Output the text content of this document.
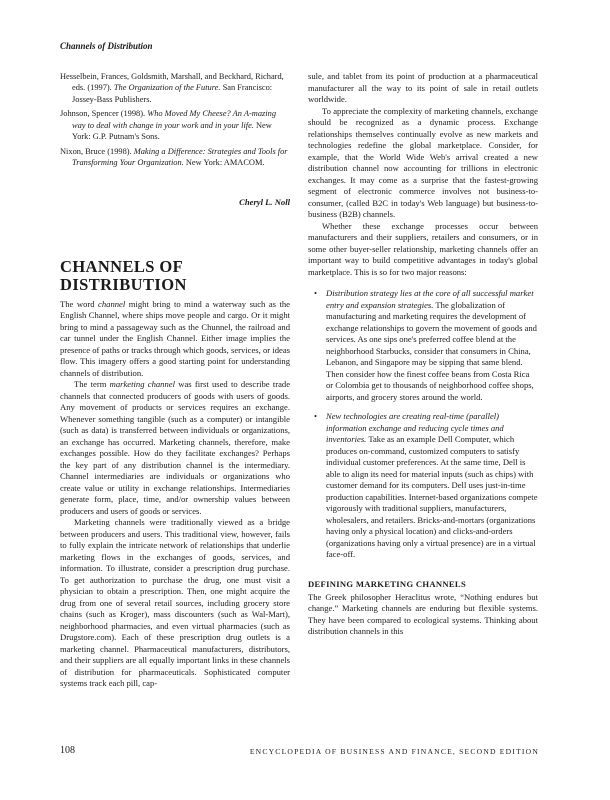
Channels of Distribution

Hesselbein, Frances, Goldsmith, Marshall, and Beckhard, Richard, eds. (1997). The Organization of the Future. San Francisco: Jossey-Bass Publishers.

Johnson, Spencer (1998). Who Moved My Cheese? An A-mazing way to deal with change in your work and in your life. New York: G.P. Putnam's Sons.

Nixon, Bruce (1998). Making a Difference: Strategies and Tools for Transforming Your Organization. New York: AMACOM.

Cheryl L. Noll

CHANNELS OF DISTRIBUTION

The word channel might bring to mind a waterway such as the English Channel, where ships move people and cargo. Or it might bring to mind a passageway such as the Chunnel, the railroad and car tunnel under the English Channel. Either image implies the presence of paths or tracks through which goods, services, or ideas flow. This imagery offers a good starting point for understanding channels of distribution.

The term marketing channel was first used to describe trade channels that connected producers of goods with users of goods. Any movement of products or services requires an exchange. Whenever something tangible (such as a computer) or intangible (such as data) is transferred between individuals or organizations, an exchange has occurred. Marketing channels, therefore, make exchanges possible. How do they facilitate exchanges? Perhaps the key part of any distribution channel is the intermediary. Channel intermediaries are individuals or organizations who create value or utility in exchange relationships. Intermediaries generate form, place, time, and/or ownership values between producers and users of goods or services.

Marketing channels were traditionally viewed as a bridge between producers and users. This traditional view, however, fails to fully explain the intricate network of relationships that underlie marketing flows in the exchanges of goods, services, and information. To illustrate, consider a prescription drug purchase. To get authorization to purchase the drug, one must visit a physician to obtain a prescription. Then, one might acquire the drug from one of several retail sources, including grocery store chains (such as Kroger), mass discounters (such as Wal-Mart), neighborhood pharmacies, and even virtual pharmacies (such as Drugstore.com). Each of these prescription drug outlets is a marketing channel. Pharmaceutical manufacturers, distributors, and their suppliers are all equally important links in these channels of distribution for pharmaceuticals. Sophisticated computer systems track each pill, cap-

sule, and tablet from its point of production at a pharmaceutical manufacturer all the way to its point of sale in retail outlets worldwide.

To appreciate the complexity of marketing channels, exchange should be recognized as a dynamic process. Exchange relationships themselves continually evolve as new markets and technologies redefine the global marketplace. Consider, for example, that the World Wide Web's arrival created a new distribution channel now accounting for trillions in electronic exchanges. It may come as a surprise that the fastest-growing segment of electronic commerce involves not business-to-consumer, (called B2C in today's Web language) but business-to-business (B2B) channels.

Whether these exchange processes occur between manufacturers and their suppliers, retailers and consumers, or in some other buyer-seller relationship, marketing channels offer an important way to build competitive advantages in today's global marketplace. This is so for two major reasons:

• Distribution strategy lies at the core of all successful market entry and expansion strategies. The globalization of manufacturing and marketing requires the development of exchange relationships to govern the movement of goods and services. As one sips one's preferred coffee blend at the neighborhood Starbucks, consider that consumers in China, Lebanon, and Singapore may be sipping that same blend. Then consider how the finest coffee beans from Costa Rica or Colombia get to thousands of neighborhood coffee shops, airports, and grocery stores around the world.
• New technologies are creating real-time (parallel) information exchange and reducing cycle times and inventories. Take as an example Dell Computer, which produces on-command, customized computers to satisfy individual customer preferences. At the same time, Dell is able to align its need for material inputs (such as chips) with customer demand for its computers. Dell uses just-in-time production capabilities. Internet-based organizations compete vigorously with traditional suppliers, manufacturers, wholesalers, and retailers. Bricks-and-mortars (organizations having only a physical location) and clicks-and-orders (organizations having only a virtual presence) are in a virtual face-off.
DEFINING MARKETING CHANNELS

The Greek philosopher Heraclitus wrote, “Nothing endures but change.” Marketing channels are enduring but flexible systems. They have been compared to ecological systems. Thinking about distribution channels in this

108	ENCYCLOPEDIA OF BUSINESS AND FINANCE, SECOND EDITION
